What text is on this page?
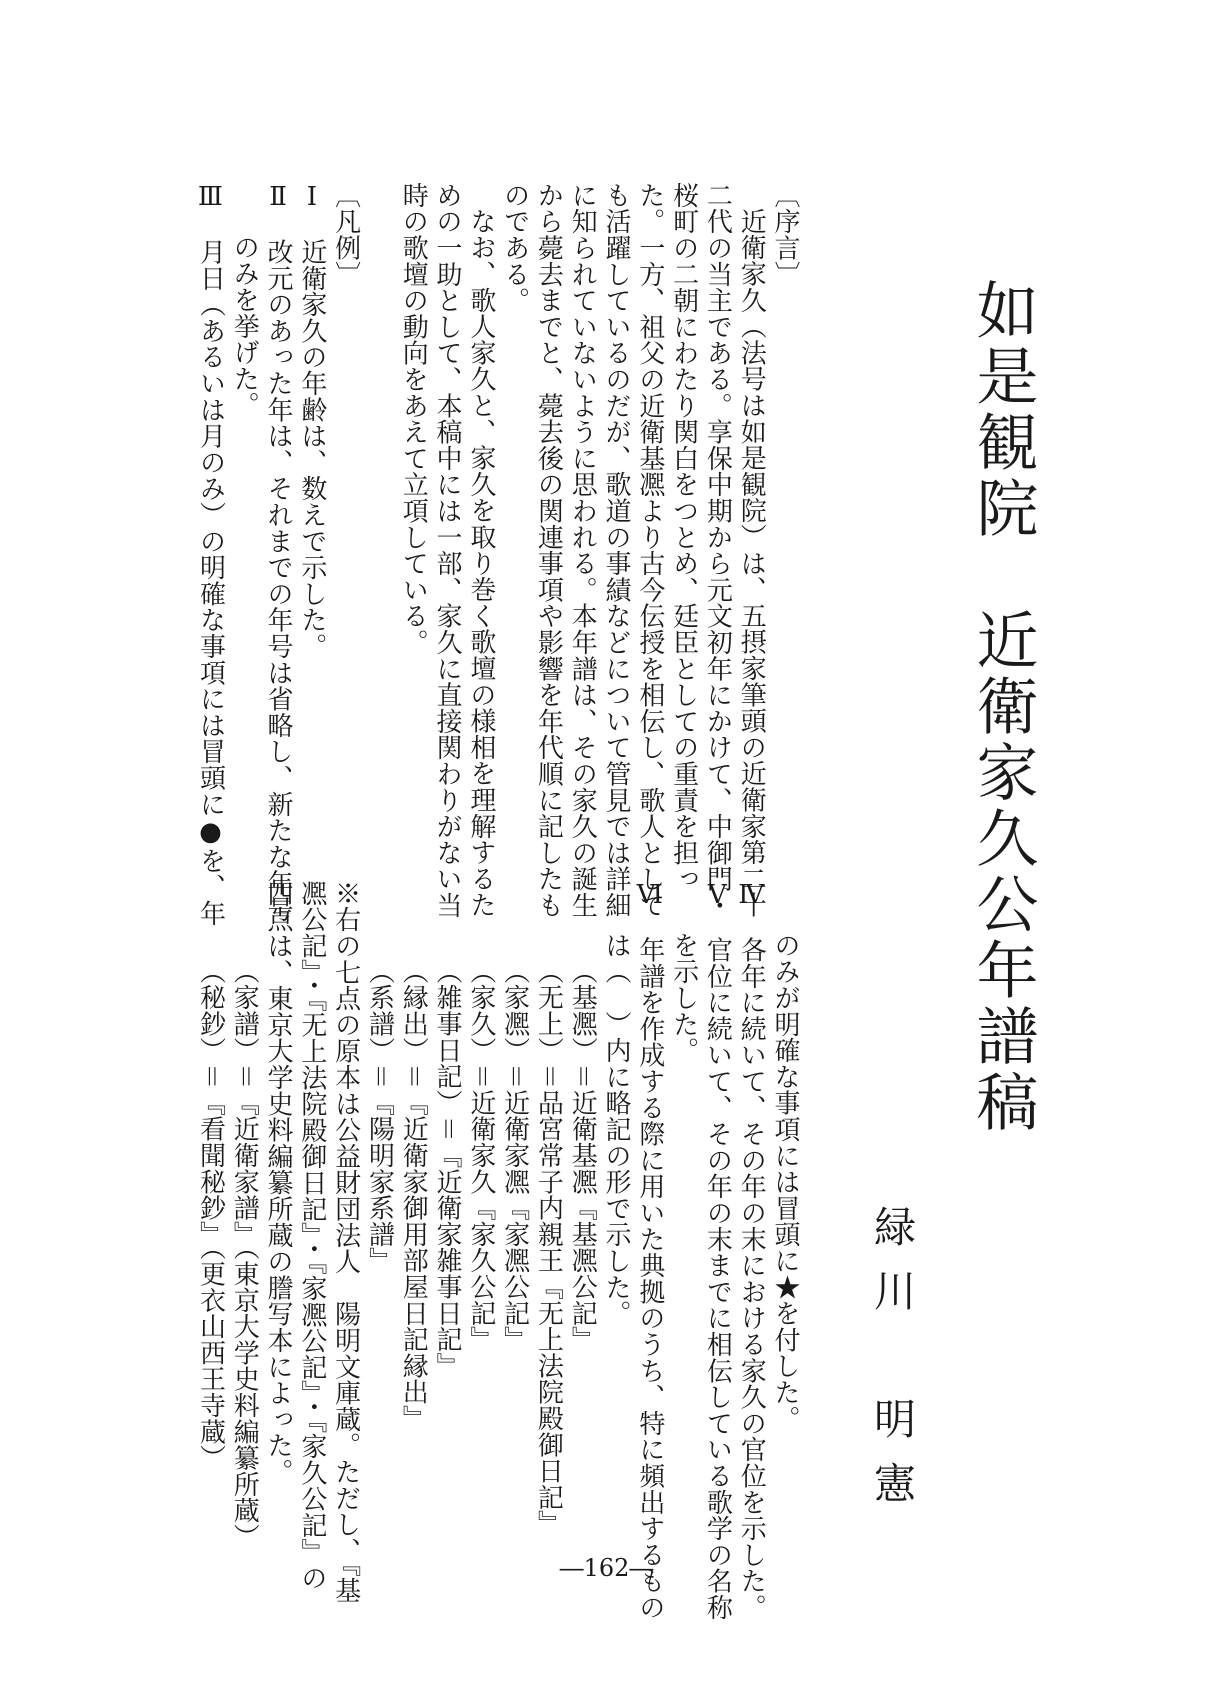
如是観院　近衛家久公年譜稿
緑川　明憲

〔序言〕

近衛家久（法号は如是観院）は、五摂家筆頭の近衛家第二十

二代の当主である。享保中期から元文初年にかけて、中御門・

桜町の二朝にわたり関白をつとめ、廷臣としての重責を担っ

た。一方、祖父の近衛基凞より古今伝授を相伝し、歌人として

も活躍しているのだが、歌道の事績などについて管見では詳細

に知られていないように思われる。本年譜は、その家久の誕生

から薨去までと、薨去後の関連事項や影響を年代順に記したも

のである。

なお、歌人家久と、家久を取り巻く歌壇の様相を理解するた

めの一助として、本稿中には一部、家久に直接関わりがない当

時の歌壇の動向をあえて立項している。

〔凡例〕

Ⅰ　近衛家久の年齢は、数えで示した。

Ⅱ　改元のあった年は、それまでの年号は省略し、新たな年号

のみを挙げた。

Ⅲ　月日（あるいは月のみ）の明確な事項には冒頭に●を、年

のみが明確な事項には冒頭に★を付した。

Ⅳ　各年に続いて、その年の末における家久の官位を示した。

Ⅴ　官位に続いて、その年の末までに相伝している歌学の名称

を示した。

Ⅵ　年譜を作成する際に用いた典拠のうち、特に頻出するもの

は（　）内に略記の形で示した。

（基凞）＝近衛基凞『基凞公記』

（无上）＝品宮常子内親王『无上法院殿御日記』

（家凞）＝近衛家凞『家凞公記』

（家久）＝近衛家久『家久公記』

（雑事日記）＝『近衛家雑事日記』

（縁出）＝『近衛家御用部屋日記縁出』

（系譜）＝『陽明家系譜』

※右の七点の原本は公益財団法人　陽明文庫蔵。ただし、『基

凞公記』・『无上法院殿御日記』・『家凞公記』・『家久公記』の

四点は、東京大学史料編纂所蔵の謄写本によった。

（家譜）＝『近衛家譜』（東京大学史料編纂所蔵）

（秘鈔）＝『看聞秘鈔』（更衣山西王寺蔵）

―162―
